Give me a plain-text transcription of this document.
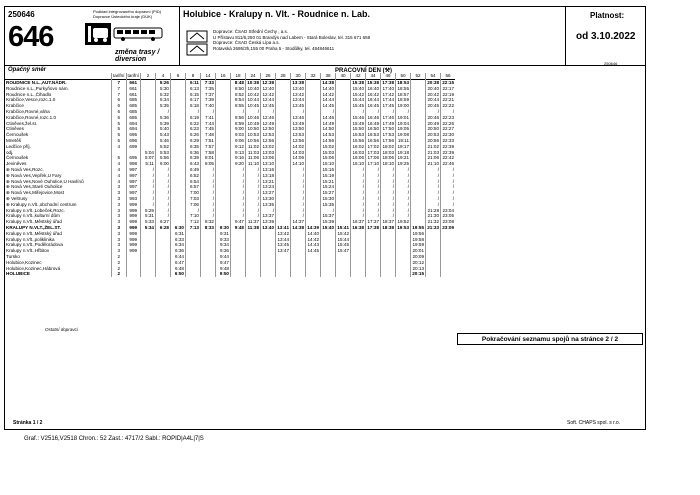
250646
646
Podklad integrovaného dopravní (PID)
Dopravce Ústeckého kraje (DÚK)
změna trasy / diversion
Holubice - Kralupy n. Vlt. - Roudnice n. Lab.
Dopravce: ČSAD Střední Čechy , a.s.
U Přístavu 811/6,250 01 Brandýs nad Labem - Stará Boleslav, tel. 315 671 659
Dopravce: ČSAD Česká Lípa a.s.
Rotavská 2695/3h,155 00 Praha 5 - Stodůlky, tel. 484846611
Platnost:
od 3.10.2022
250646
Opačný směr	PRACOVNÍ DEN (⚒)
	tarifní	tarifní	2	4	6	8	14	16	18	24	26	28	30	32	38	40	42	44	46	50	52	54	56
ROUDNICE N.L.,AUT.NÁDR.	7	661		5:26		6:11	7:33		8:48	10:38	12:38		13:38		14:38		15:38	15:38	17:38	18:53		20:38	22:15
Roudnice n.L.,Purkyňovo nám.	7	661		5:30		6:13	7:35		8:50	10:40	12:40		13:40		14:40		15:40	16:40	17:40	18:55		20:40	22:17
Roudnice n.L.,Čihadlo	7	661		5:32		6:15	7:37		8:52	10:42	12:42		13:42		14:42		15:42	16:42	17:42	18:57		20:42	22:19
Krabčice,Vesce,rozc.1.0	6	685		5:34		6:17	7:39		8:54	10:44	12:44		13:44		14:44		15:44	16:44	17:44	18:59		20:44	22:21
Krabčice	6	685		5:35		6:18	7:40		8:55	10:45	12:45		13:45		14:45		15:45	16:45	17:45	19:00		20:45	22:22
Krabčice,Rovné,váha	6	685		/		/	/		/	/	/		/		/		/	/	/	/		/	/
Krabčice,Rovné,rozc.1.0	6	685		5:36		6:19	7:41		8:56	10:46	12:46		13:46		14:46		15:46	16:46	17:46	19:01		20:46	22:23
Ctiněves,žel.st.	5	694		5:39		6:22	7:44		8:59	10:49	12:49		13:49		14:49		15:49	16:49	17:49	19:04		20:49	22:26
Ctiněves	5	694		5:40		6:23	7:45		9:00	10:50	12:50		13:50		14:50		15:50	16:50	17:50	19:05		20:50	22:27
Černoušek	5	695		5:43		6:26	7:48		9:03	10:53	12:53		13:53		14:53		15:53	16:53	17:53	19:08		20:53	22:30
Mnetěš	5	696		5:46		6:29	7:51		9:06	10:56	12:56		13:56		14:56		15:56	16:56	17:56	19:11		20:56	22:33
Ledčice příj.	4	699		5:52		6:35	7:57		9:12	11:02	13:02		14:02		15:02		16:02	17:02	18:02	19:17		21:02	22:39
odj.			5:04	5:53		6:36	7:58		9:13	11:03	13:03		14:03		15:03		16:03	17:03	18:03	19:18		21:03	22:39
Černoušek	5	695	5:07	5:56		6:39	8:01		9:16	11:06	13:06		14:06		15:06		16:06	17:06	18:06	19:21		21:06	22:42
Jeviněves	4	998	5:11	6:00		6:43	8:05		9:20	11:10	13:10		14:10		15:10		16:10	17:10	18:10	19:25		21:10	22:46
⊕ Nová Ves,Rozc.	4	997	/	/		6:49	/		/	/	13:16		/		15:16		/	/	/	/		/	/
⊕ Nová Ves,Vepřek,U Fary	4	997	/	/		6:52	/		/	/	13:18		/		15:19		/	/	/	/		/	/
⊕ Nová Ves,Nové Ouholice,U Havlínů	4	997	/	/		6:54	/		/	/	13:21		/		15:21		/	/	/	/		/	/
⊕ Nová Ves,Staré Ouholice	3	997	/	/		6:57	/		/	/	13:24		/		15:24		/	/	/	/		/	/
⊕ Nová Ves,Miřejovice,Most	3	997	/	/		7:00	/		/	/	13:27		/		15:27		/	/	/	/		/	/
⊕ Veltrusy	3	993	/	/		7:03	/		/	/	13:30		/		15:30		/	/	/	/		/	/
⊕ Kralupy n.Vlt.,obchodní centrum	3	999	/	/		7:06	/		/	/	13:35		/		15:35		/	/	/	/		/	/
Kralupy n.Vlt.,Lobeček,Rozc.	3	999	5:29	/		/	/		/	/	/		/		/		/	/	/	/		21:28	23:04
Kralupy n.Vlt.,kulturní dům	3	999	5:31	/		7:10	/		/	/	13:37		/		15:37		/	/	/	/		21:30	23:05
Kralupy n.Vlt.,Městský úřad	3	999	5:33	6:27		7:12	8:32		9:47	11:37	13:39		14:37		15:39		16:37	17:37	18:37	19:52		21:32	23:08
KRALUPY N.VLT.,ŽEL.ST.	3	999	5:34	6:28	6:30	7:13	8:33	9:30	9:48	11:38	13:40	13:41	14:38	14:39	15:40	15:41	16:38	17:38	18:38	19:53	19:55	21:33	23:09
Kralupy n.Vlt.,Městský úřad	3	999			6:31			9:31				13:42		14:40		15:42					19:56		
Kralupy n.Vlt.,poliklinika	3	999			6:33			9:33				13:44		14:42		15:44					19:58		
Kralupy n.Vlt.,Podělorádova	3	999			6:34			9:34				13:45		14:43		15:45					19:59		
Kralupy n.Vlt.,Hřbitov	3	999			6:36			9:36				13:47		14:45		15:47					20:01		
Tursko	2				6:44			9:44													20:09		
Holubice,Kozinec	2				6:47			9:47													20:12		
Holubice,Kozinec,Hábrová	2				6:48			9:48													20:13		
HOLUBICE	2				6:50			9:50													20:15		
Ostatní dopravci
Pokračování seznamu spojů na stránce 2 / 2
Stránka 1 / 2	Soft. CHAPS spol. s r.o.
Graf.: V2516,V2518 Chron.: 52 Zast.: 4717/2 Sabl.: ROPID|A4L|7|S
